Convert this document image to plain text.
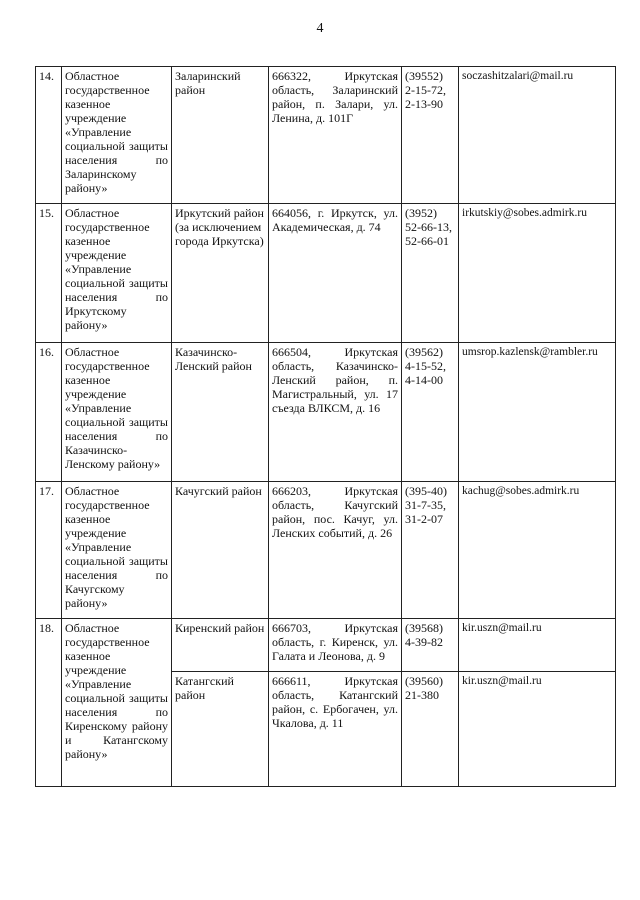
4
14.	Областное государственное казенное учреждение «Управление социальной защиты населения по Заларинскому району»	Заларинский район	666322, Иркутская область, Заларинский район, п. Залари, ул. Ленина, д. 101Г	(39552)
2-15-72,
2-13-90	soczashitzalari@mail.ru
15.	Областное государственное казенное учреждение «Управление социальной защиты населения по Иркутскому району»	Иркутский район (за исключением города Иркутска)	664056, г. Иркутск, ул. Академическая, д. 74	(3952)
52-66-13,
52-66-01	irkutskiy@sobes.admirk.ru
16.	Областное государственное казенное учреждение «Управление социальной защиты населения по Казачинско-Ленскому району»	Казачинско-Ленский район	666504, Иркутская область, Казачинско-Ленский район, п. Магистральный, ул. 17 съезда ВЛКСМ, д. 16	(39562)
4-15-52,
4-14-00	umsrop.kazlensk@rambler.ru
17.	Областное государственное казенное учреждение «Управление социальной защиты населения по Качугскому району»	Качугский район	666203, Иркутская область, Качугский район, пос. Качуг, ул. Ленских событий, д. 26	(395-40)
31-7-35,
31-2-07	kachug@sobes.admirk.ru
18.	Областное государственное казенное учреждение «Управление социальной защиты населения по Киренскому району и Катангскому району»	Киренский район	666703, Иркутская область, г. Киренск, ул. Галата и Леонова, д. 9	(39568)
4-39-82	kir.uszn@mail.ru
		Катангский район	666611, Иркутская область, Катангский район, с. Ербогачен, ул. Чкалова, д. 11	(39560)
21-380	kir.uszn@mail.ru
